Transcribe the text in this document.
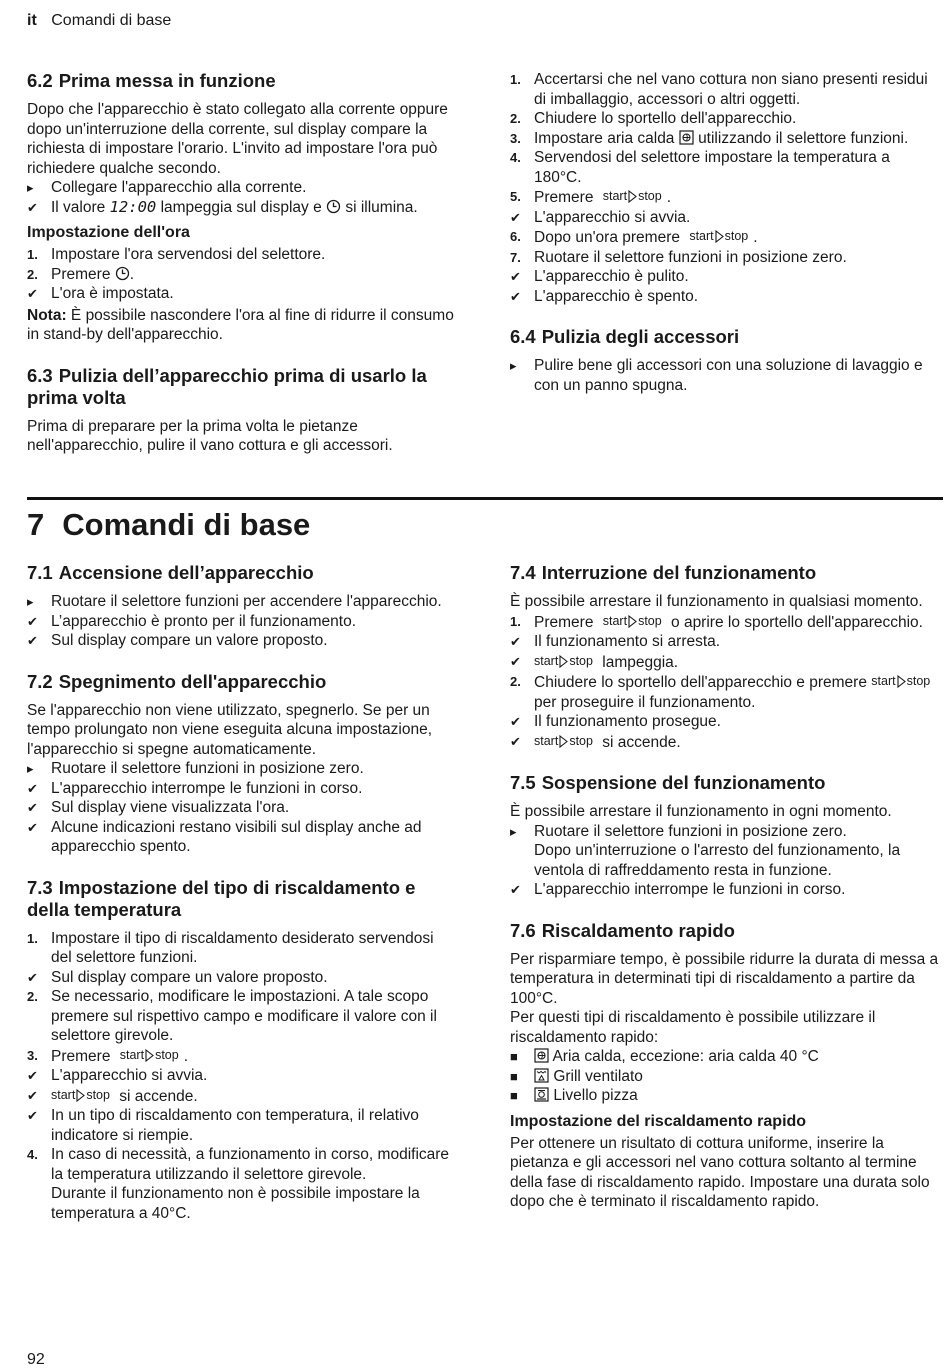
it Comandi di base
6.2 Prima messa in funzione

Dopo che l'apparecchio è stato collegato alla corrente oppure dopo un'interruzione della corrente, sul display compare la richiesta di impostare l'orario. L'invito ad impostare l'ora può richiedere qualche secondo.

▸	Collegare l'apparecchio alla corrente.
✔ Il valore 12:00 lampeggia sul display e si illumina.
Impostazione dell'ora
1. Impostare l'ora servendosi del selettore.
2. Premere .
✔ L'ora è impostata.

Nota: È possibile nascondere l'ora al fine di ridurre il consumo in stand-by dell'apparecchio.

6.3 Pulizia dell’apparecchio prima di usarlo la prima volta

Prima di preparare per la prima volta le pietanze nell'apparecchio, pulire il vano cottura e gli accessori.

1. Accertarsi che nel vano cottura non siano presenti residui di imballaggio, accessori o altri oggetti.
2. Chiudere lo sportello dell'apparecchio.
3. Impostare aria calda utilizzando il selettore funzioni.
4. Servendosi del selettore impostare la temperatura a 180°C.
5. Premere start stop .
✔ L'apparecchio si avvia.
6. Dopo un'ora premere start stop .
7. Ruotare il selettore funzioni in posizione zero.
✔ L'apparecchio è pulito.
✔ L'apparecchio è spento.
6.4 Pulizia degli accessori
▸	Pulire bene gli accessori con una soluzione di lavaggio e con un panno spugna.
7 Comandi di base
7.1 Accensione dell’apparecchio
▸	Ruotare il selettore funzioni per accendere l'apparecchio.
✔ L’apparecchio è pronto per il funzionamento.
✔ Sul display compare un valore proposto.
7.2 Spegnimento dell'apparecchio

Se l'apparecchio non viene utilizzato, spegnerlo. Se per un tempo prolungato non viene eseguita alcuna impostazione, l'apparecchio si spegne automaticamente.

▸	Ruotare il selettore funzioni in posizione zero.
✔ L'apparecchio interrompe le funzioni in corso.
✔ Sul display viene visualizzata l'ora.
✔ Alcune indicazioni restano visibili sul display anche ad apparecchio spento.
7.3 Impostazione del tipo di riscaldamento e della temperatura
1. Impostare il tipo di riscaldamento desiderato servendosi del selettore funzioni.
✔ Sul display compare un valore proposto.
2. Se necessario, modificare le impostazioni. A tale scopo premere sul rispettivo campo e modificare il valore con il selettore girevole.
3. Premere start stop .
✔ L'apparecchio si avvia.
✔	start stop si accende.
✔ In un tipo di riscaldamento con temperatura, il relativo indicatore si riempie.
4. In caso di necessità, a funzionamento in corso, modificare la temperatura utilizzando il selettore girevole.

Durante il funzionamento non è possibile impostare la temperatura a 40°C.

7.4 Interruzione del funzionamento

È possibile arrestare il funzionamento in qualsiasi momento.

1. Premere start stop o aprire lo sportello dell'apparecchio.
✔ Il funzionamento si arresta.
✔	start stop lampeggia.
2. Chiudere lo sportello dell'apparecchio e premere start stop
per proseguire il funzionamento.
✔ Il funzionamento prosegue.
✔	start stop si accende.
7.5 Sospensione del funzionamento

È possibile arrestare il funzionamento in ogni momento.

▸	Ruotare il selettore funzioni in posizione zero.
Dopo un'interruzione o l'arresto del funzionamento, la ventola di raffreddamento resta in funzione.
✔ L'apparecchio interrompe le funzioni in corso.
7.6 Riscaldamento rapido

Per risparmiare tempo, è possibile ridurre la durata di messa a temperatura in determinati tipi di riscaldamento a partire da 100°C.

Per questi tipi di riscaldamento è possibile utilizzare il riscaldamento rapido:

■	Aria calda, eccezione: aria calda 40 °C
■	Grill ventilato
■	Livello pizza
Impostazione del riscaldamento rapido

Per ottenere un risultato di cottura uniforme, inserire la pietanza e gli accessori nel vano cottura soltanto al termine della fase di riscaldamento rapido. Impostare una durata solo dopo che è terminato il riscaldamento rapido.

92
